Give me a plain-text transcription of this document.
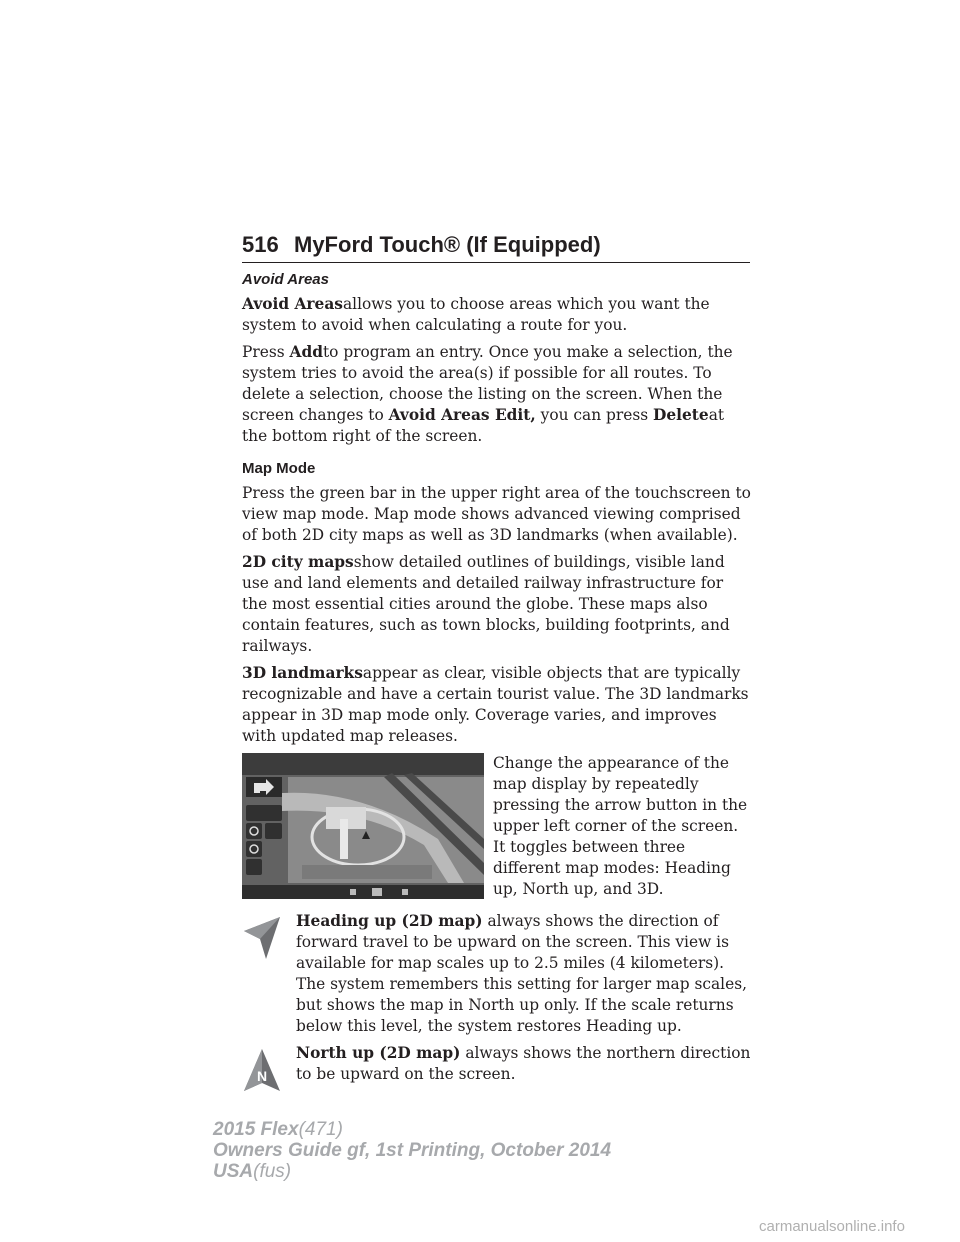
516 MyFord Touch® (If Equipped)
Avoid Areas

Avoid Areasallows you to choose areas which you want the system to avoid when calculating a route for you.

Press Addto program an entry. Once you make a selection, the system tries to avoid the area(s) if possible for all routes. To delete a selection, choose the listing on the screen. When the screen changes to Avoid Areas Edit, you can press Deleteat the bottom right of the screen.

Map Mode

Press the green bar in the upper right area of the touchscreen to view map mode. Map mode shows advanced viewing comprised of both 2D city maps as well as 3D landmarks (when available).

2D city mapsshow detailed outlines of buildings, visible land use and land elements and detailed railway infrastructure for the most essential cities around the globe. These maps also contain features, such as town blocks, building footprints, and railways.

3D landmarksappear as clear, visible objects that are typically recognizable and have a certain tourist value. The 3D landmarks appear in 3D map mode only. Coverage varies, and improves with updated map releases.

Change the appearance of the map display by repeatedly pressing the arrow button in the upper left corner of the screen. It toggles between three different map modes: Heading up, North up, and 3D.

Heading up (2D map) always shows the direction of forward travel to be upward on the screen. This view is available for map scales up to 2.5 miles (4 kilometers). The system remembers this setting for larger map scales, but shows the map in North up only. If the scale returns below this level, the system restores Heading up.

N

North up (2D map) always shows the northern direction to be upward on the screen.

2015 Flex(471)
Owners Guide gf, 1st Printing, October 2014
USA(fus)
carmanualsonline.info
